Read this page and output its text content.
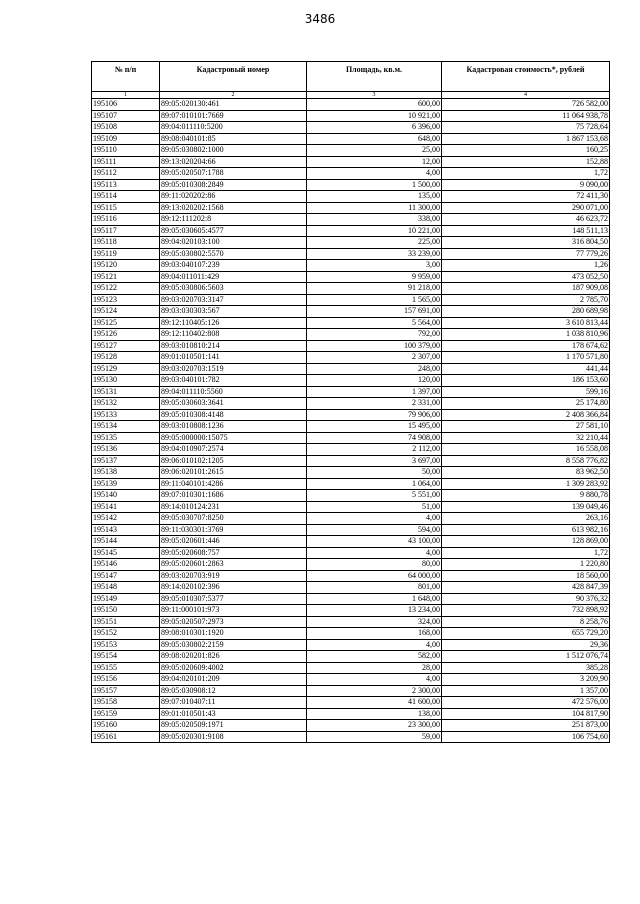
3486
№ п/п	Кадастровый номер	Площадь, кв.м.	Кадастровая стоимость*, рублей
1	2	3	4
195106	89:05:020130:461	600,00	726 582,00
195107	89:07:010101:7669	10 921,00	11 064 938,78
195108	89:04:011110:5200	6 396,00	75 728,64
195109	89:08:040101:85	648,00	1 867 153,68
195110	89:05:030802:1000	25,00	160,25
195111	89:13:020204:66	12,00	152,88
195112	89:05:020507:1788	4,00	1,72
195113	89:05:010308:2849	1 500,00	9 090,00
195114	89:11:020202:86	135,00	72 411,30
195115	89:13:020202:1568	11 300,00	290 071,00
195116	89:12:111202:8	338,00	46 623,72
195117	89:05:030605:4577	10 221,00	148 511,13
195118	89:04:020103:100	225,00	316 804,50
195119	89:05:030802:5570	33 239,00	77 779,26
195120	89:03:040107:239	3,00	1,26
195121	89:04:011011:429	9 959,00	473 052,50
195122	89:05:030806:5603	91 218,00	187 909,08
195123	89:03:020703:3147	1 565,00	2 785,70
195124	89:03:030303:567	157 691,00	280 689,98
195125	89:12:110405:126	5 564,00	3 610 813,44
195126	89:12:110402:808	792,00	1 038 810,96
195127	89:03:010810:214	100 379,00	178 674,62
195128	89:01:010501:141	2 307,00	1 170 571,80
195129	89:03:020703:1519	248,00	441,44
195130	89:03:040101:782	120,00	186 153,60
195131	89:04:011110:5560	1 397,00	599,16
195132	89:05:030603:3641	2 331,00	25 174,80
195133	89:05:010308:4148	79 906,00	2 408 366,84
195134	89:03:010808:1236	15 495,00	27 581,10
195135	89:05:000000:15075	74 908,00	32 210,44
195136	89:04:010907:2574	2 112,00	16 558,08
195137	89:06:010102:1205	3 697,00	8 558 776,82
195138	89:06:020101:2615	50,00	83 962,50
195139	89:11:040101:4286	1 064,00	1 309 283,92
195140	89:07:010301:1686	5 551,00	9 880,78
195141	89:14:010124:231	51,00	139 049,46
195142	89:05:030707:8250	4,00	263,16
195143	89:11:030301:3769	594,00	613 982,16
195144	89:05:020601:446	43 100,00	128 869,00
195145	89:05:020608:757	4,00	1,72
195146	89:05:020601:2863	80,00	1 220,80
195147	89:03:020703:919	64 000,00	18 560,00
195148	89:14:020102:396	801,00	428 847,39
195149	89:05:010307:5377	1 648,00	90 376,32
195150	89:11:000101:973	13 234,00	732 898,92
195151	89:05:020507:2973	324,00	8 258,76
195152	89:08:010301:1920	168,00	655 729,20
195153	89:05:030802:2159	4,00	29,36
195154	89:08:020201:826	582,00	1 512 076,74
195155	89:05:020609:4002	28,00	385,28
195156	89:04:020101:209	4,00	3 209,90
195157	89:05:030908:12	2 300,00	1 357,00
195158	89:07:010407:11	41 600,00	472 576,00
195159	89:01:010501:43	138,00	104 817,90
195160	89:05:020509:1971	23 300,00	251 873,00
195161	89:05:020301:9108	59,00	106 754,60
